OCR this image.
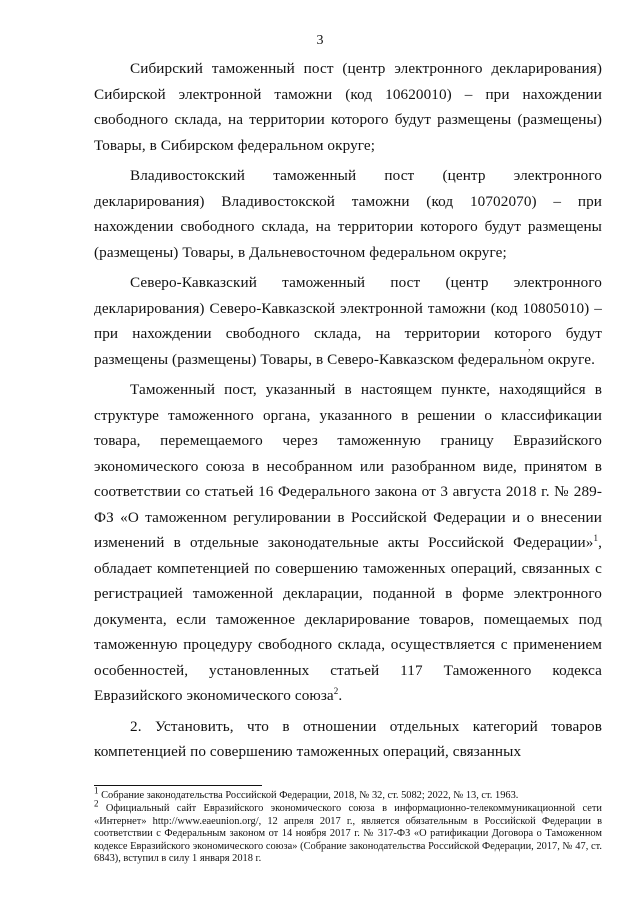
3

Сибирский таможенный пост (центр электронного декларирования) Сибирской электронной таможни (код 10620010) – при нахождении свободного склада, на территории которого будут размещены (размещены) Товары, в Сибирском федеральном округе;

Владивостокский таможенный пост (центр электронного декларирования) Владивостокской таможни (код 10702070) – при нахождении свободного склада, на территории которого будут размещены (размещены) Товары, в Дальневосточном федеральном округе;

Северо-Кавказский таможенный пост (центр электронного декларирования) Северо-Кавказской электронной таможни (код 10805010) – при нахождении свободного склада, на территории которого будут размещены (размещены) Товары, в Северо-Кавказском федеральном округе.

Таможенный пост, указанный в настоящем пункте, находящийся в структуре таможенного органа, указанного в решении о классификации товара, перемещаемого через таможенную границу Евразийского экономического союза в несобранном или разобранном виде, принятом в соответствии со статьей 16 Федерального закона от 3 августа 2018 г. № 289-ФЗ «О таможенном регулировании в Российской Федерации и о внесении изменений в отдельные законодательные акты Российской Федерации»$^1$, обладает компетенцией по совершению таможенных операций, связанных с регистрацией таможенной декларации, поданной в форме электронного документа, если таможенное декларирование товаров, помещаемых под таможенную процедуру свободного склада, осуществляется с применением особенностей, установленных статьей 117 Таможенного кодекса Евразийского экономического союза$^2$.

2. Установить, что в отношении отдельных категорий товаров компетенцией по совершению таможенных операций, связанных

,

$^1$ Собрание законодательства Российской Федерации, 2018, № 32, ст. 5082; 2022, № 13, ст. 1963.

$^2$ Официальный сайт Евразийского экономического союза в информационно-телекоммуникационной сети «Интернет» http://www.eaeunion.org/, 12 апреля 2017 г., является обязательным в Российской Федерации в соответствии с Федеральным законом от 14 ноября 2017 г. № 317-ФЗ «О ратификации Договора о Таможенном кодексе Евразийского экономического союза» (Собрание законодательства Российской Федерации, 2017, № 47, ст. 6843), вступил в силу 1 января 2018 г.
